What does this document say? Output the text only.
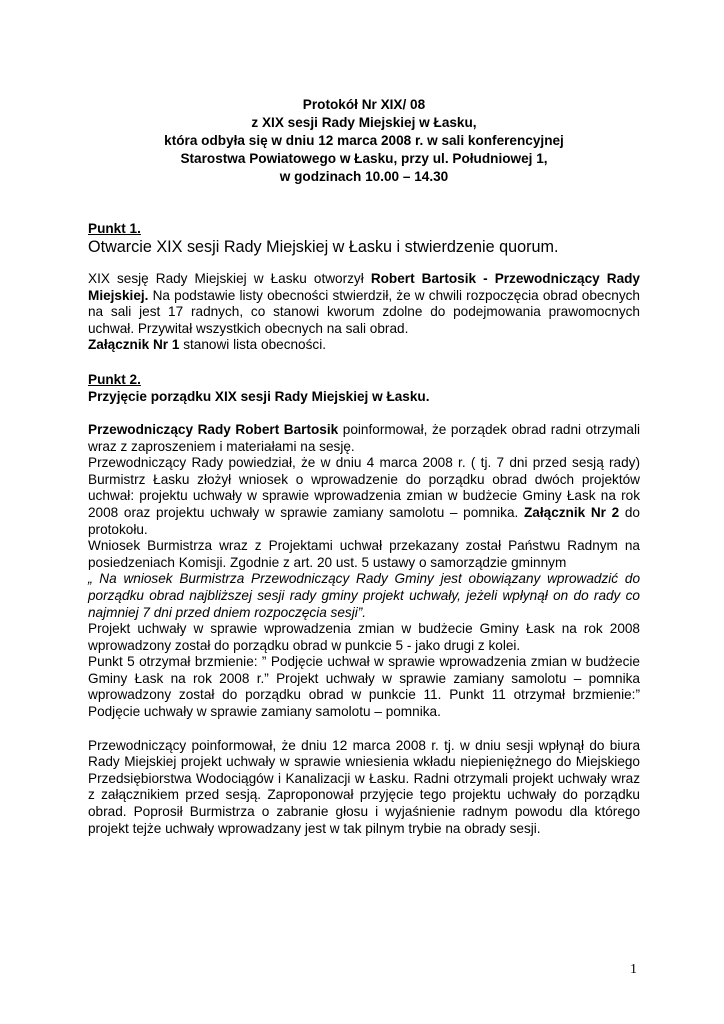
Protokół Nr XIX/ 08
z XIX sesji Rady Miejskiej w Łasku,
która odbyła się w dniu 12 marca 2008 r. w sali konferencyjnej
Starostwa Powiatowego w Łasku, przy ul. Południowej 1,
w godzinach 10.00 – 14.30
Punkt 1.
Otwarcie XIX sesji Rady Miejskiej w Łasku i stwierdzenie quorum.

XIX sesję Rady Miejskiej w Łasku otworzył Robert Bartosik - Przewodniczący Rady Miejskiej. Na podstawie listy obecności stwierdził, że w chwili rozpoczęcia obrad obecnych na sali jest 17 radnych, co stanowi kworum zdolne do podejmowania prawomocnych uchwał. Przywitał wszystkich obecnych na sali obrad.

Załącznik Nr 1 stanowi lista obecności.

Punkt 2.
Przyjęcie porządku XIX sesji Rady Miejskiej w Łasku.

Przewodniczący Rady Robert Bartosik poinformował, że porządek obrad radni otrzymali wraz z zaproszeniem i materiałami na sesję.

Przewodniczący Rady powiedział, że w dniu 4 marca 2008 r. ( tj. 7 dni przed sesją rady) Burmistrz Łasku złożył wniosek o wprowadzenie do porządku obrad dwóch projektów uchwał: projektu uchwały w sprawie wprowadzenia zmian w budżecie Gminy Łask na rok 2008 oraz projektu uchwały w sprawie zamiany samolotu – pomnika. Załącznik Nr 2 do protokołu.

Wniosek Burmistrza wraz z Projektami uchwał przekazany został Państwu Radnym na posiedzeniach Komisji. Zgodnie z art. 20 ust. 5 ustawy o samorządzie gminnym

„ Na wniosek Burmistrza Przewodniczący Rady Gminy jest obowiązany wprowadzić do porządku obrad najbliższej sesji rady gminy projekt uchwały, jeżeli wpłynął on do rady co najmniej 7 dni przed dniem rozpoczęcia sesji”.

Projekt uchwały w sprawie wprowadzenia zmian w budżecie Gminy Łask na rok 2008 wprowadzony został do porządku obrad w punkcie 5 - jako drugi z kolei.

Punkt 5 otrzymał brzmienie: ” Podjęcie uchwał w sprawie wprowadzenia zmian w budżecie Gminy Łask na rok 2008 r.” Projekt uchwały w sprawie zamiany samolotu – pomnika wprowadzony został do porządku obrad w punkcie 11. Punkt 11 otrzymał brzmienie:” Podjęcie uchwały w sprawie zamiany samolotu – pomnika.

Przewodniczący poinformował, że dniu 12 marca 2008 r. tj. w dniu sesji wpłynął do biura Rady Miejskiej projekt uchwały w sprawie wniesienia wkładu niepieniężnego do Miejskiego Przedsiębiorstwa Wodociągów i Kanalizacji w Łasku. Radni otrzymali projekt uchwały wraz z załącznikiem przed sesją. Zaproponował przyjęcie tego projektu uchwały do porządku obrad. Poprosił Burmistrza o zabranie głosu i wyjaśnienie radnym powodu dla którego projekt tejże uchwały wprowadzany jest w tak pilnym trybie na obrady sesji.

1
